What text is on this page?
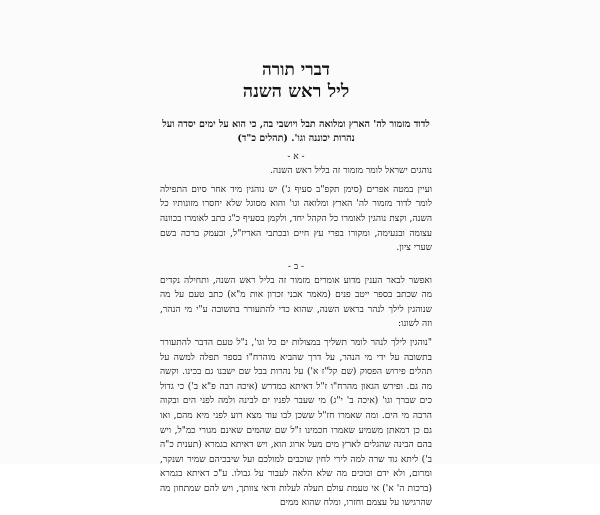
דברי תורה
ליל ראש השנה
לדוד מזמור לה' הארץ ומלואה תבל ויושבי בה, כי הוא על ימים יסדה ועל נהרות יכוננה וגו'. (תהלים כ"ד)
- א -

נוהגים ישראל לומר מזמור זה בליל ראש השנה.

ועיין במטה אפרים (סימן תקפ"ב סעיף ג') יש נוהגין מיד אחר סיום התפילה לומר לדוד מזמור לה' הארץ ומלואה וגו' והוא מסוגל שלא יחסרו מזונותיו כל השנה, וקצת נוהגין לאומרו כל הקהל יחד, ולקמן בסעיף כ"ג כתב לאומרו בכוונה עצומה ובנעימה, ומקורו בפרי עץ חיים ובכתבי האריז"ל, ובעמק ברכה בשם שערי ציון.

- ב -

ואפשר לבאר הענין מדוע אומרים מזמור זה בליל ראש השנה, ותחילה נקדים מה שכתב בספר ייטב פנים (מאמר אבני זכרון אות מ"א) כתב טעם על מה שנוהגין לילך לנהר בראש השנה, שהוא כדי להתעורר בתשובה ע"י מי הנהר, וזה לשונו:

"נוהגין לילך לנהר לומר תשליך במצולות ים כל וגו', נ"ל טעם הדבר להתעורר בתשובה על ידי מי הנהר, על דרך שהביא מוהרח"ו בספר תפלה למשה על תהלים פירוש הפסוק (שם קל"ז א') על נהרות בבל שם ישבנו גם בכינו. וקשה מה גם. ופירש הגאון מהרח"ו ז"ל דאיתא במדרש (איכה רבה פ"א ב') כי גדול כים שברך וגו' (איכה ב' י"ג) מי שעבר לפניו ים לבינה ולמה לפני הים ובקוה הרבה מי הים. ומה שאמרו חז"ל ששכן לבו עוד מצא רוע לפני מיא מהם, ואו גם כן דמאתן משמיע שאמרו חכמינו ז"ל שם שהמים שאינם מגורי כמ"ל, ויש בהם הבינה שהגלים לארץ מים מעל ארוג הוא, ויש דאיתא בגמרא (תענית כ"ה ב') ליתא גוד שרה למה לירי לחין שוכבים למולכם ועל שיבכיהם שמיר ושנקר, ומרום, ולא ידם ובוכים מה שלא הלאה לעבור על גבולו. ע"כ דאיתא בגמרא (ברכות ה' א') אי טעמת עולם תעלה לעלות ודאי צוותך, ויש להם שמתחון מה שהרגישו על עצמם וחזרו, ומלח שהוא ממים
